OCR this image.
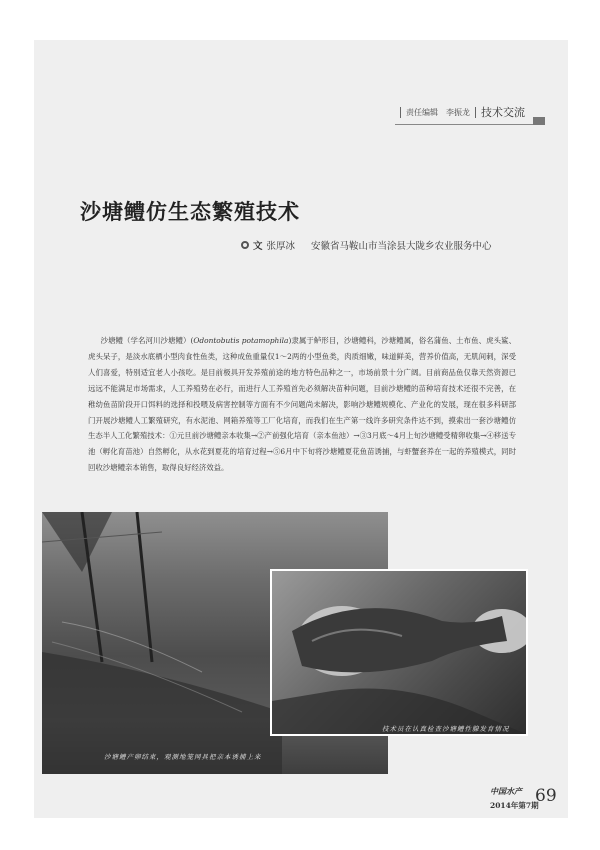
责任编辑 李振龙 技术交流
沙塘鳢仿生态繁殖技术
文 张厚冰 安徽省马鞍山市当涂县大陇乡农业服务中心
沙塘鳢（学名河川沙塘鳢）(Odontobutis potamophila)隶属于鲈形目，沙塘鳢科，沙塘鳢属，俗名蒲鱼、土布鱼、虎头鲨、虎头呆子，是淡水底栖小型肉食性鱼类，这种成鱼重量仅1～2两的小型鱼类，肉质细嫩，味道鲜美，营养价值高，无肌间刺，深受人们喜爱，特别适宜老人小孩吃。是目前极具开发养殖前途的地方特色品种之一，市场前景十分广阔。目前商品鱼仅靠天然资源已远远不能满足市场需求，人工养殖势在必行，而进行人工养殖首先必须解决苗种问题，目前沙塘鳢的苗种培育技术还很不完善，在稚幼鱼苗阶段开口饵料的选择和投喂及病害控制等方面有不少问题尚未解决，影响沙塘鳢规模化、产业化的发展，现在很多科研部门开展沙塘鳢人工繁殖研究，有水泥池、网箱养殖等工厂化培育，而我们在生产第一线许多研究条件达不到，摸索出一套沙塘鳢仿生态半人工化繁殖技术：①元旦前沙塘鳢亲本收集→②产前强化培育（亲本鱼池）→③3月底～4月上旬沙塘鳢受精卵收集→④移送专池（孵化育苗池）自然孵化，从水花到夏花的培育过程→⑤6月中下旬将沙塘鳢夏花鱼苗诱捕，与虾蟹套养在一起的养殖模式，同时回收沙塘鳢亲本销售，取得良好经济效益。
沙塘鳢产卵结束，观测地笼网具把亲本诱捕上来
技术员在认真检查沙塘鳢性腺发育情况
中国水产
2014年第7期
69
